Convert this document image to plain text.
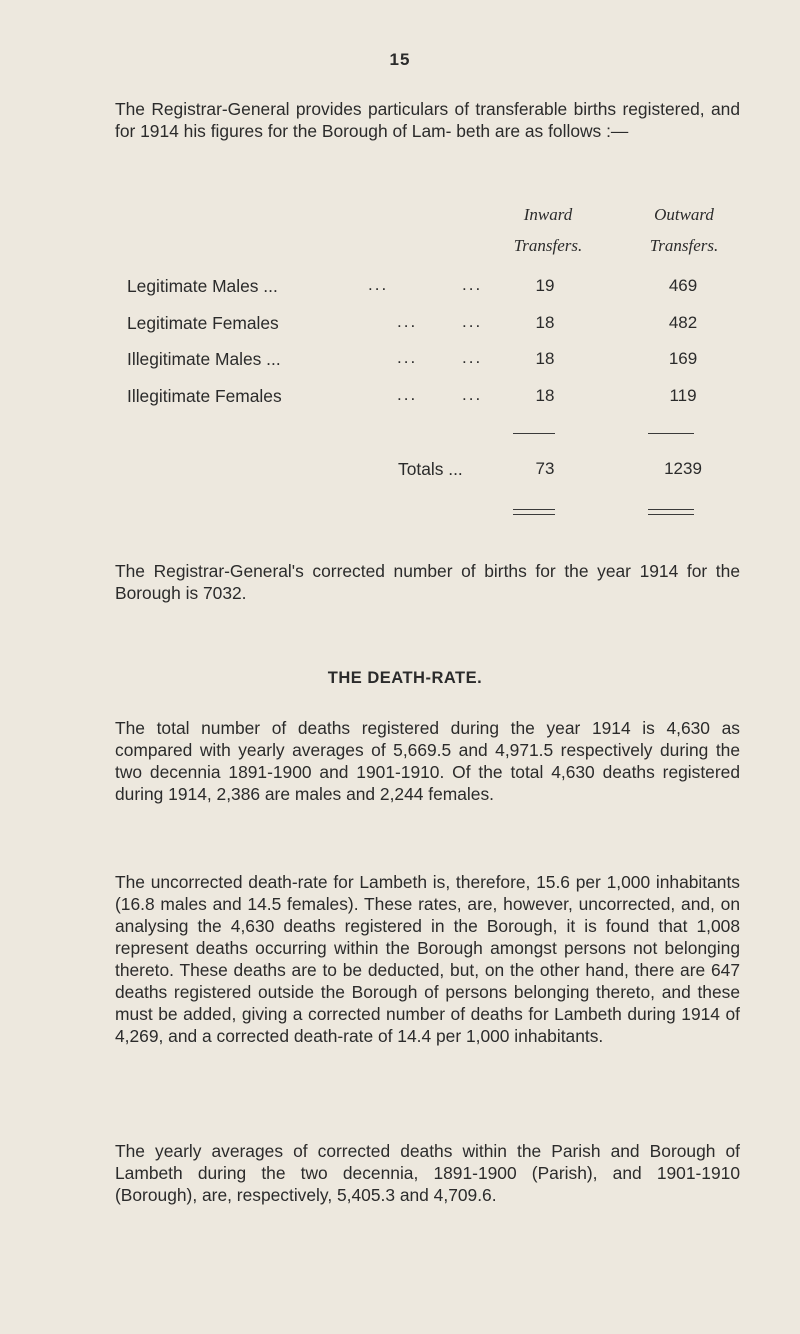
15

The Registrar-General provides particulars of transferable births registered, and for 1914 his figures for the Borough of Lam- beth are as follows :—

Inward
Transfers.
Outward
Transfers.
Legitimate Males ...	...	...	19	469
Legitimate Females	...	...	18	482
Illegitimate Males ...	...	...	18	169
Illegitimate Females	...	...	18	119
Totals ...	73	1239

The Registrar-General's corrected number of births for the year 1914 for the Borough is 7032.

THE DEATH-RATE.

The total number of deaths registered during the year 1914 is 4,630 as compared with yearly averages of 5,669.5 and 4,971.5 respectively during the two decennia 1891-1900 and 1901-1910. Of the total 4,630 deaths registered during 1914, 2,386 are males and 2,244 females.

The uncorrected death-rate for Lambeth is, therefore, 15.6 per 1,000 inhabitants (16.8 males and 14.5 females). These rates, are, however, uncorrected, and, on analysing the 4,630 deaths registered in the Borough, it is found that 1,008 represent deaths occurring within the Borough amongst persons not belonging thereto. These deaths are to be deducted, but, on the other hand, there are 647 deaths registered outside the Borough of persons belonging thereto, and these must be added, giving a corrected number of deaths for Lambeth during 1914 of 4,269, and a corrected death-rate of 14.4 per 1,000 inhabitants.

The yearly averages of corrected deaths within the Parish and Borough of Lambeth during the two decennia, 1891-1900 (Parish), and 1901-1910 (Borough), are, respectively, 5,405.3 and 4,709.6.
